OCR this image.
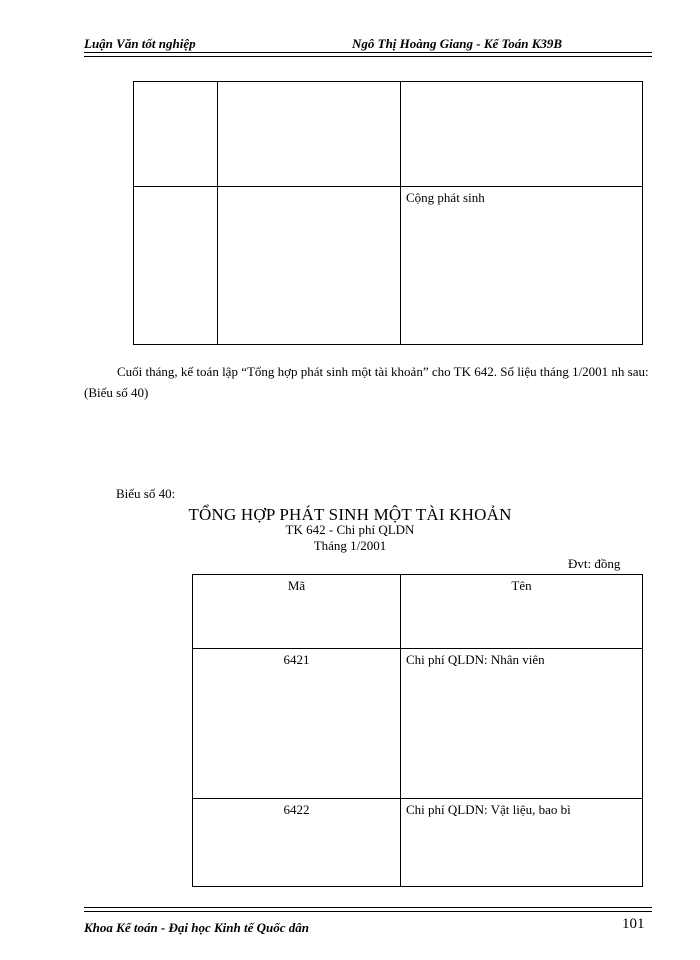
Luận Văn tốt nghiệp	Ngô Thị Hoàng Giang - Kế Toán K39B

		Cộng phát sinh

Cuối tháng, kế toán lập “Tổng hợp phát sinh một tài khoản” cho TK 642. Số liệu tháng 1/2001 nh sau: (Biểu số 40)

Biểu số 40:
TỔNG HỢP PHÁT SINH MỘT TÀI KHOẢN
TK 642 - Chi phí QLDN
Tháng 1/2001
Đvt: đồng
Mã	Tên
6421	Chi phí QLDN: Nhân viên
6422	Chi phí QLDN: Vật liệu, bao bì
Khoa Kế toán - Đại học Kinh tế Quốc dân	101
